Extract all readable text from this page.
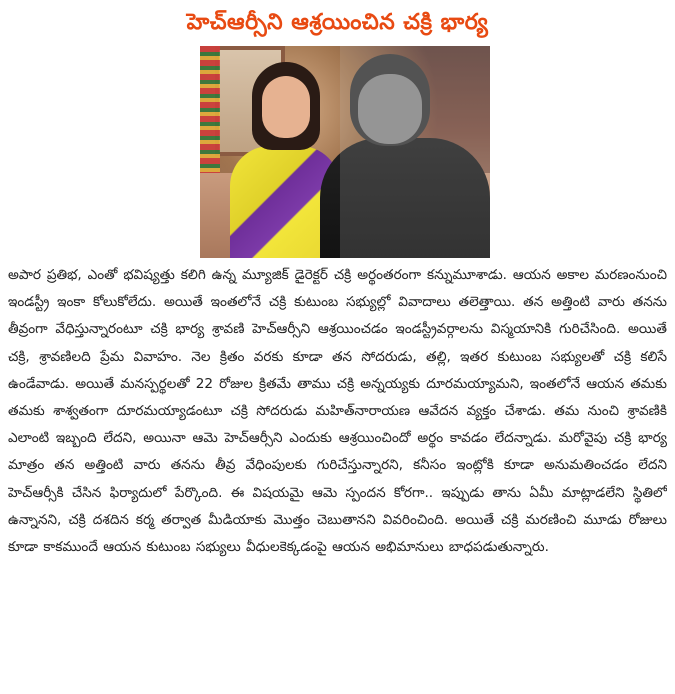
హెచ్ఆర్సీని ఆశ్రయించిన చక్రి భార్య

అపార ప్రతిభ, ఎంతో భవిష్యత్తు కలిగి ఉన్న మ్యూజిక్ డైరెక్టర్ చక్రి అర్థంతరంగా కన్నుమూశాడు. ఆయన అకాల మరణంనుంచి ఇండస్ట్రీ ఇంకా కోలుకోలేదు. అయితే ఇంతలోనే చక్రి కుటుంబ సభ్యుల్లో వివాదాలు తలెత్తాయి. తన అత్తింటి వారు తనను తీవ్రంగా వేధిస్తున్నారంటూ చక్రి భార్య శ్రావణి హెచ్ఆర్సీని ఆశ్రయించడం ఇండస్ట్రీవర్గాలను విస్మయానికి గురిచేసింది. అయితే చక్రి, శ్రావణిలది ప్రేమ వివాహం. నెల క్రితం వరకు కూడా తన సోదరుడు, తల్లి, ఇతర కుటుంబ సభ్యులతో చక్రి కలిసే ఉండేవాడు. అయితే మనస్పర్థలతో 22 రోజుల క్రితమే తాము చక్రి అన్నయ్యకు దూరమయ్యామని, ఇంతలోనే ఆయన తమకు తమకు శాశ్వతంగా దూరమయ్యాడంటూ చక్రి సోదరుడు మహిత్‌నారాయణ ఆవేదన వ్యక్తం చేశాడు. తమ నుంచి శ్రావణికి ఎలాంటి ఇబ్బంది లేదని, అయినా ఆమె హెచ్ఆర్సీని ఎందుకు ఆశ్రయించిందో అర్థం కావడం లేదన్నాడు. మరోవైపు చక్రి భార్య మాత్రం తన అత్తింటి వారు తనను తీవ్ర వేధింపులకు గురిచేస్తున్నారని, కనీసం ఇంట్లోకి కూడా అనుమతించడం లేదని హెచ్ఆర్సీకి చేసిన ఫిర్యాదులో పేర్కొంది. ఈ విషయమై ఆమె స్పందన కోరగా.. ఇప్పుడు తాను ఏమీ మాట్లాడలేని స్థితిలో ఉన్నానని, చక్రి దశదిన కర్మ తర్వాత మీడియాకు మొత్తం చెబుతానని వివరించింది. అయితే చక్రి మరణించి మూడు రోజులు కూడా కాకముందే ఆయన కుటుంబ సభ్యులు వీధులకెక్కడంపై ఆయన అభిమానులు బాధపడుతున్నారు.
